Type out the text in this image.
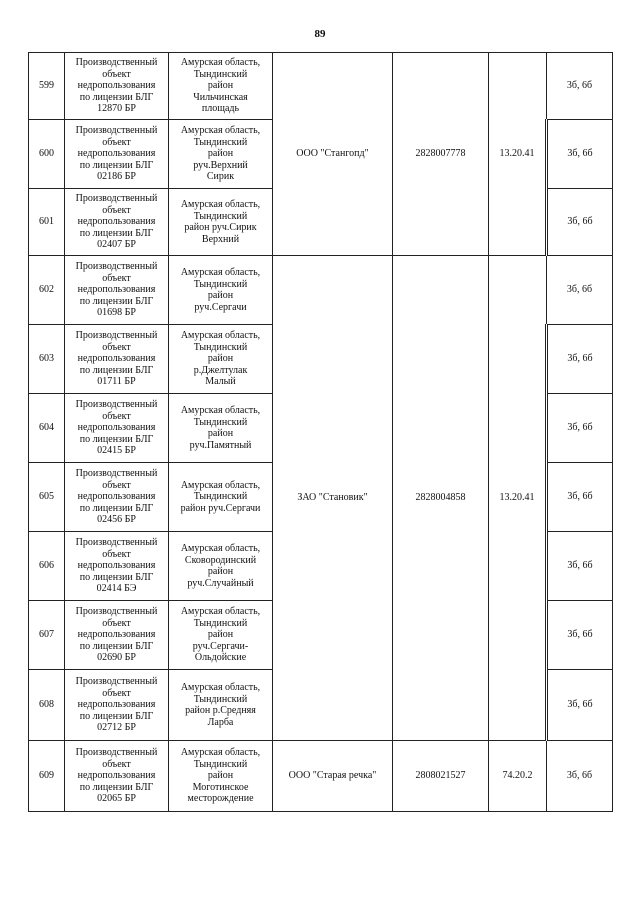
89
599	Производственный
объект
недропользования
по лицензии БЛГ
12870 БР	Амурская область,
Тындинский
район
Чильчинская
площадь	ООО "Стангопд"	2828007778	13.20.41	3б, 6б
600	Производственный
объект
недропользования
по лицензии БЛГ
02186 БР	Амурская область,
Тындинский
район
руч.Верхний
Сирик				3б, 6б
601	Производственный
объект
недропользования
по лицензии БЛГ
02407 БР	Амурская область,
Тындинский
район руч.Сирик
Верхний				3б, 6б
602	Производственный
объект
недропользования
по лицензии БЛГ
01698 БР	Амурская область,
Тындинский
район
руч.Сергачи	ЗАО "Становик"	2828004858	13.20.41	3б, 6б
603	Производственный
объект
недропользования
по лицензии БЛГ
01711 БР	Амурская область,
Тындинский
район
р.Джелтулак
Малый				3б, 6б
604	Производственный
объект
недропользования
по лицензии БЛГ
02415 БР	Амурская область,
Тындинский
район
руч.Памятный				3б, 6б
605	Производственный
объект
недропользования
по лицензии БЛГ
02456 БР	Амурская область,
Тындинский
район руч.Сергачи				3б, 6б
606	Производственный
объект
недропользования
по лицензии БЛГ
02414 БЭ	Амурская область,
Сковородинский
район
руч.Случайный				3б, 6б
607	Производственный
объект
недропользования
по лицензии БЛГ
02690 БР	Амурская область,
Тындинский
район
руч.Сергачи-
Ольдойские				3б, 6б
608	Производственный
объект
недропользования
по лицензии БЛГ
02712 БР	Амурская область,
Тындинский
район р.Средняя
Ларба				3б, 6б
609	Производственный
объект
недропользования
по лицензии БЛГ
02065 БР	Амурская область,
Тындинский
район
Моготинское
месторождение	ООО "Старая речка"	2808021527	74.20.2	3б, 6б
